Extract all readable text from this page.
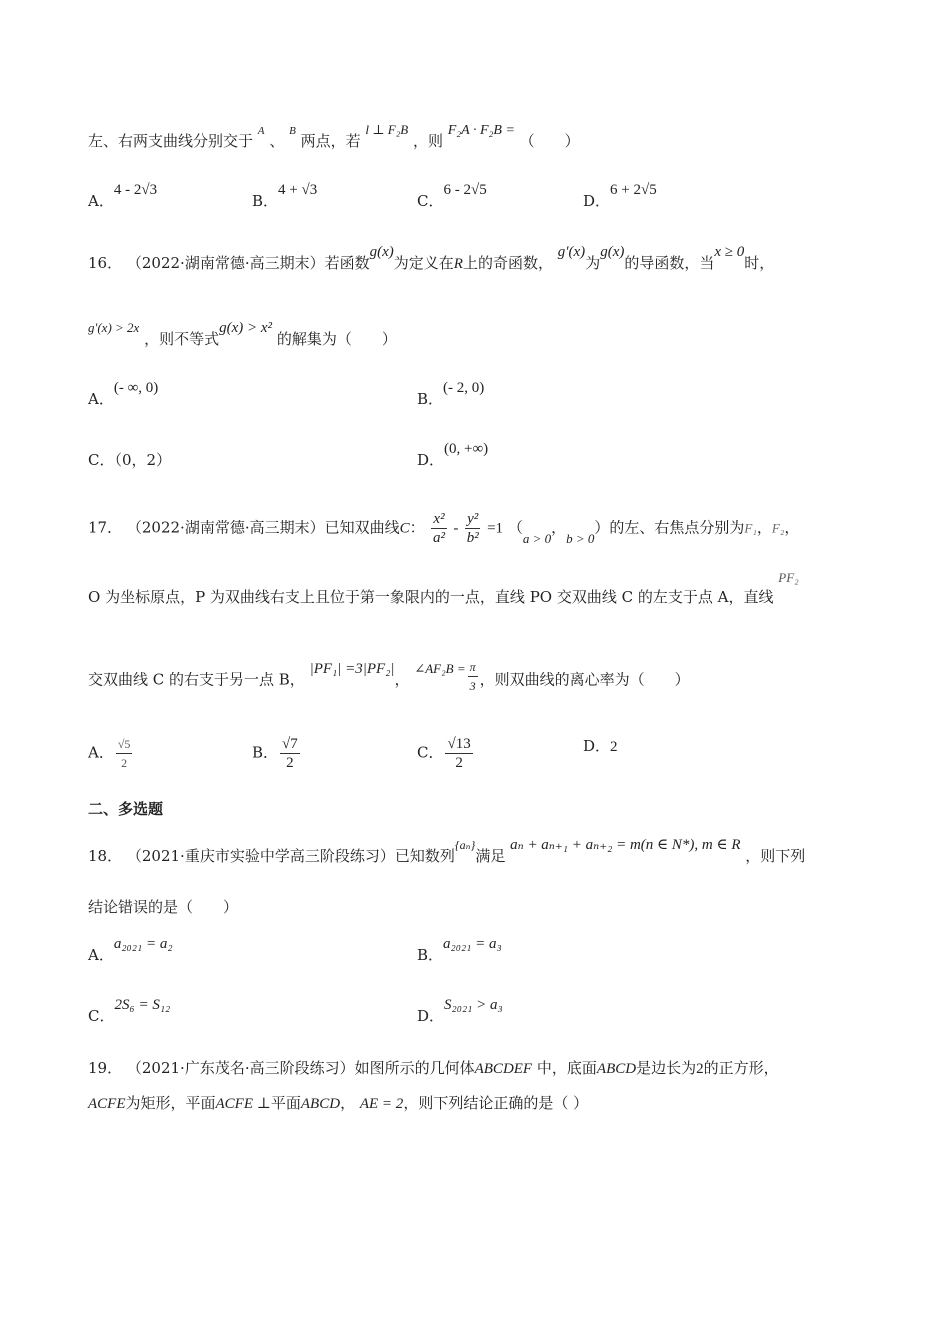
左、右两支曲线分别交于 $^A$ 、 $^B$ 两点，若 l ⊥ F₂B ，则 F₂A · F₂B = （　　）
A．4 - 2√3
B．4 + √3
C．6 - 2√5
D．6 + 2√5
16． （2022·湖南常德·高三期末）若函数g(x)为定义在R上的奇函数， g′(x)为g(x)的导函数，当x ≥ 0时，
g′(x) > 2x ，则不等式g(x) > x² 的解集为（　　）
A．(- ∞, 0)
B．(- 2, 0)
C．（0，2）	D．(0, +∞)
17． （2022·湖南常德·高三期末）已知双曲线C： $\frac{\text{x²}}{\text{a²}} - \frac{\text{y²}}{\text{b²}} =1$ （a > 0，b > 0）的左、右焦点分别为F₁，F₂，
O 为坐标原点，P 为双曲线右支上且位于第一象限内的一点，直线 PO 交双曲线 C 的左支于点 A，直线 PF₂
交双曲线 C 的右支于另一点 B， |PF₁| =3|PF₂|， ∠AF₂B = $\frac{\pi}{3}$ ，则双曲线的离心率为（　　）
A． $\frac{√5}{2}$	B． $\frac{√7}{2}$	C． $\frac{√13}{2}$	D．2
二、多选题
18． （2021·重庆市实验中学高三阶段练习）已知数列$^{\{a_n\}}$满足 aₙ + aₙ₊₁ + aₙ₊₂ = m(n ∈ N*), m ∈ R ，则下列
结论错误的是（　　）
A．a₂₀₂₁ = a₂
B．a₂₀₂₁ = a₃
C．2S₆ = S₁₂
D．S₂₀₂₁ > a₃
19． （2021·广东茂名·高三阶段练习）如图所示的几何体ABCDEF 中，底面ABCD是边长为2的正方形，
ACFE为矩形，平面ACFE ⊥平面ABCD， AE = 2，则下列结论正确的是（ ）
